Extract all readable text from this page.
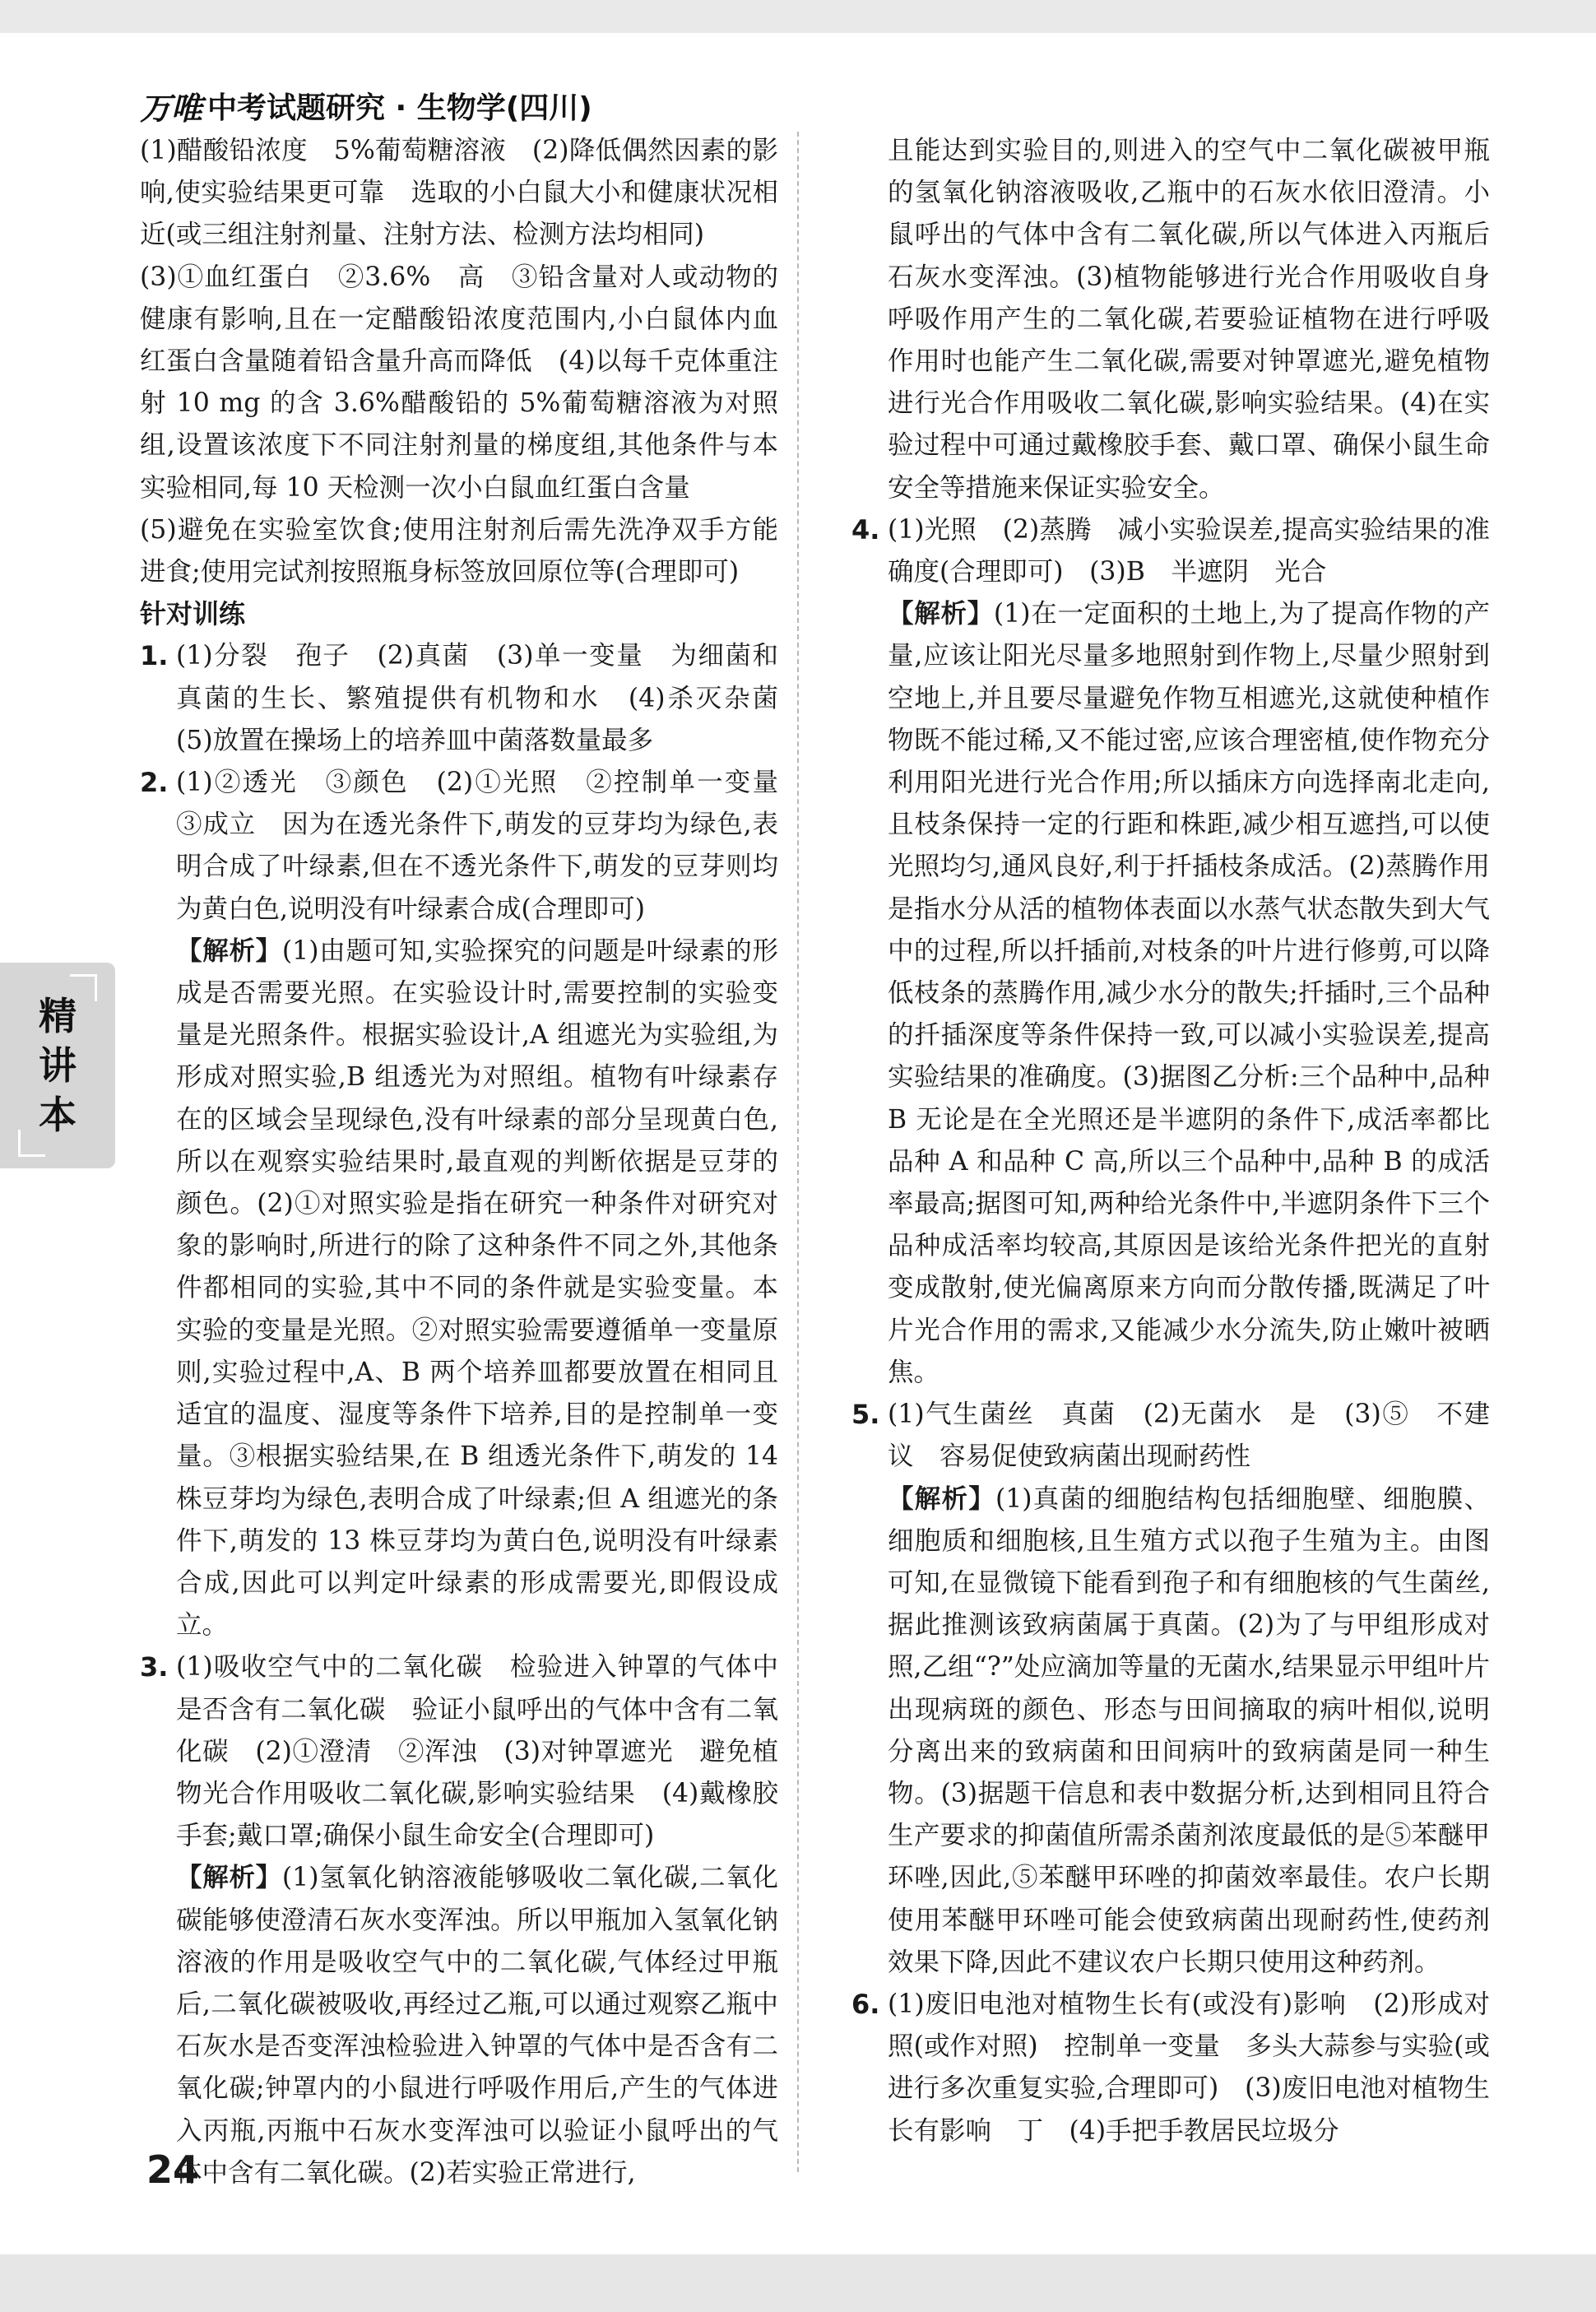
万唯 中考试题研究 · 生物学(四川)

(1)醋酸铅浓度　5%葡萄糖溶液　(2)降低偶然因素的影响,使实验结果更可靠　选取的小白鼠大小和健康状况相近(或三组注射剂量、注射方法、检测方法均相同)

(3)①血红蛋白　②3.6%　高　③铅含量对人或动物的健康有影响,且在一定醋酸铅浓度范围内,小白鼠体内血红蛋白含量随着铅含量升高而降低　(4)以每千克体重注射 10 mg 的含 3.6%醋酸铅的 5%葡萄糖溶液为对照组,设置该浓度下不同注射剂量的梯度组,其他条件与本实验相同,每 10 天检测一次小白鼠血红蛋白含量

(5)避免在实验室饮食;使用注射剂后需先洗净双手方能进食;使用完试剂按照瓶身标签放回原位等(合理即可)

针对训练

1. (1)分裂　孢子　(2)真菌　(3)单一变量　为细菌和真菌的生长、繁殖提供有机物和水　(4)杀灭杂菌　(5)放置在操场上的培养皿中菌落数量最多
2. (1)②透光　③颜色　(2)①光照　②控制单一变量　③成立　因为在透光条件下,萌发的豆芽均为绿色,表明合成了叶绿素,但在不透光条件下,萌发的豆芽则均为黄白色,说明没有叶绿素合成(合理即可)

【解析】(1)由题可知,实验探究的问题是叶绿素的形成是否需要光照。在实验设计时,需要控制的实验变量是光照条件。根据实验设计,A 组遮光为实验组,为形成对照实验,B 组透光为对照组。植物有叶绿素存在的区域会呈现绿色,没有叶绿素的部分呈现黄白色,所以在观察实验结果时,最直观的判断依据是豆芽的颜色。(2)①对照实验是指在研究一种条件对研究对象的影响时,所进行的除了这种条件不同之外,其他条件都相同的实验,其中不同的条件就是实验变量。本实验的变量是光照。②对照实验需要遵循单一变量原则,实验过程中,A、B 两个培养皿都要放置在相同且适宜的温度、湿度等条件下培养,目的是控制单一变量。③根据实验结果,在 B 组透光条件下,萌发的 14 株豆芽均为绿色,表明合成了叶绿素;但 A 组遮光的条件下,萌发的 13 株豆芽均为黄白色,说明没有叶绿素合成,因此可以判定叶绿素的形成需要光,即假设成立。

3. (1)吸收空气中的二氧化碳　检验进入钟罩的气体中是否含有二氧化碳　验证小鼠呼出的气体中含有二氧化碳　(2)①澄清　②浑浊　(3)对钟罩遮光　避免植物光合作用吸收二氧化碳,影响实验结果　(4)戴橡胶手套;戴口罩;确保小鼠生命安全(合理即可)

【解析】(1)氢氧化钠溶液能够吸收二氧化碳,二氧化碳能够使澄清石灰水变浑浊。所以甲瓶加入氢氧化钠溶液的作用是吸收空气中的二氧化碳,气体经过甲瓶后,二氧化碳被吸收,再经过乙瓶,可以通过观察乙瓶中石灰水是否变浑浊检验进入钟罩的气体中是否含有二氧化碳;钟罩内的小鼠进行呼吸作用后,产生的气体进入丙瓶,丙瓶中石灰水变浑浊可以验证小鼠呼出的气体中含有二氧化碳。(2)若实验正常进行,

且能达到实验目的,则进入的空气中二氧化碳被甲瓶的氢氧化钠溶液吸收,乙瓶中的石灰水依旧澄清。小鼠呼出的气体中含有二氧化碳,所以气体进入丙瓶后石灰水变浑浊。(3)植物能够进行光合作用吸收自身呼吸作用产生的二氧化碳,若要验证植物在进行呼吸作用时也能产生二氧化碳,需要对钟罩遮光,避免植物进行光合作用吸收二氧化碳,影响实验结果。(4)在实验过程中可通过戴橡胶手套、戴口罩、确保小鼠生命安全等措施来保证实验安全。

4. (1)光照　(2)蒸腾　减小实验误差,提高实验结果的准确度(合理即可)　(3)B　半遮阴　光合

【解析】(1)在一定面积的土地上,为了提高作物的产量,应该让阳光尽量多地照射到作物上,尽量少照射到空地上,并且要尽量避免作物互相遮光,这就使种植作物既不能过稀,又不能过密,应该合理密植,使作物充分利用阳光进行光合作用;所以插床方向选择南北走向,且枝条保持一定的行距和株距,减少相互遮挡,可以使光照均匀,通风良好,利于扦插枝条成活。(2)蒸腾作用是指水分从活的植物体表面以水蒸气状态散失到大气中的过程,所以扦插前,对枝条的叶片进行修剪,可以降低枝条的蒸腾作用,减少水分的散失;扦插时,三个品种的扦插深度等条件保持一致,可以减小实验误差,提高实验结果的准确度。(3)据图乙分析:三个品种中,品种 B 无论是在全光照还是半遮阴的条件下,成活率都比品种 A 和品种 C 高,所以三个品种中,品种 B 的成活率最高;据图可知,两种给光条件中,半遮阴条件下三个品种成活率均较高,其原因是该给光条件把光的直射变成散射,使光偏离原来方向而分散传播,既满足了叶片光合作用的需求,又能减少水分流失,防止嫩叶被晒焦。

5. (1)气生菌丝　真菌　(2)无菌水　是　(3)⑤　不建议　容易促使致病菌出现耐药性

【解析】(1)真菌的细胞结构包括细胞壁、细胞膜、细胞质和细胞核,且生殖方式以孢子生殖为主。由图可知,在显微镜下能看到孢子和有细胞核的气生菌丝,据此推测该致病菌属于真菌。(2)为了与甲组形成对照,乙组“?”处应滴加等量的无菌水,结果显示甲组叶片出现病斑的颜色、形态与田间摘取的病叶相似,说明分离出来的致病菌和田间病叶的致病菌是同一种生物。(3)据题干信息和表中数据分析,达到相同且符合生产要求的抑菌值所需杀菌剂浓度最低的是⑤苯醚甲环唑,因此,⑤苯醚甲环唑的抑菌效率最佳。农户长期使用苯醚甲环唑可能会使致病菌出现耐药性,使药剂效果下降,因此不建议农户长期只使用这种药剂。

6. (1)废旧电池对植物生长有(或没有)影响　(2)形成对照(或作对照)　控制单一变量　多头大蒜参与实验(或进行多次重复实验,合理即可)　(3)废旧电池对植物生长有影响　丁　(4)手把手教居民垃圾分
精
讲
本
24
